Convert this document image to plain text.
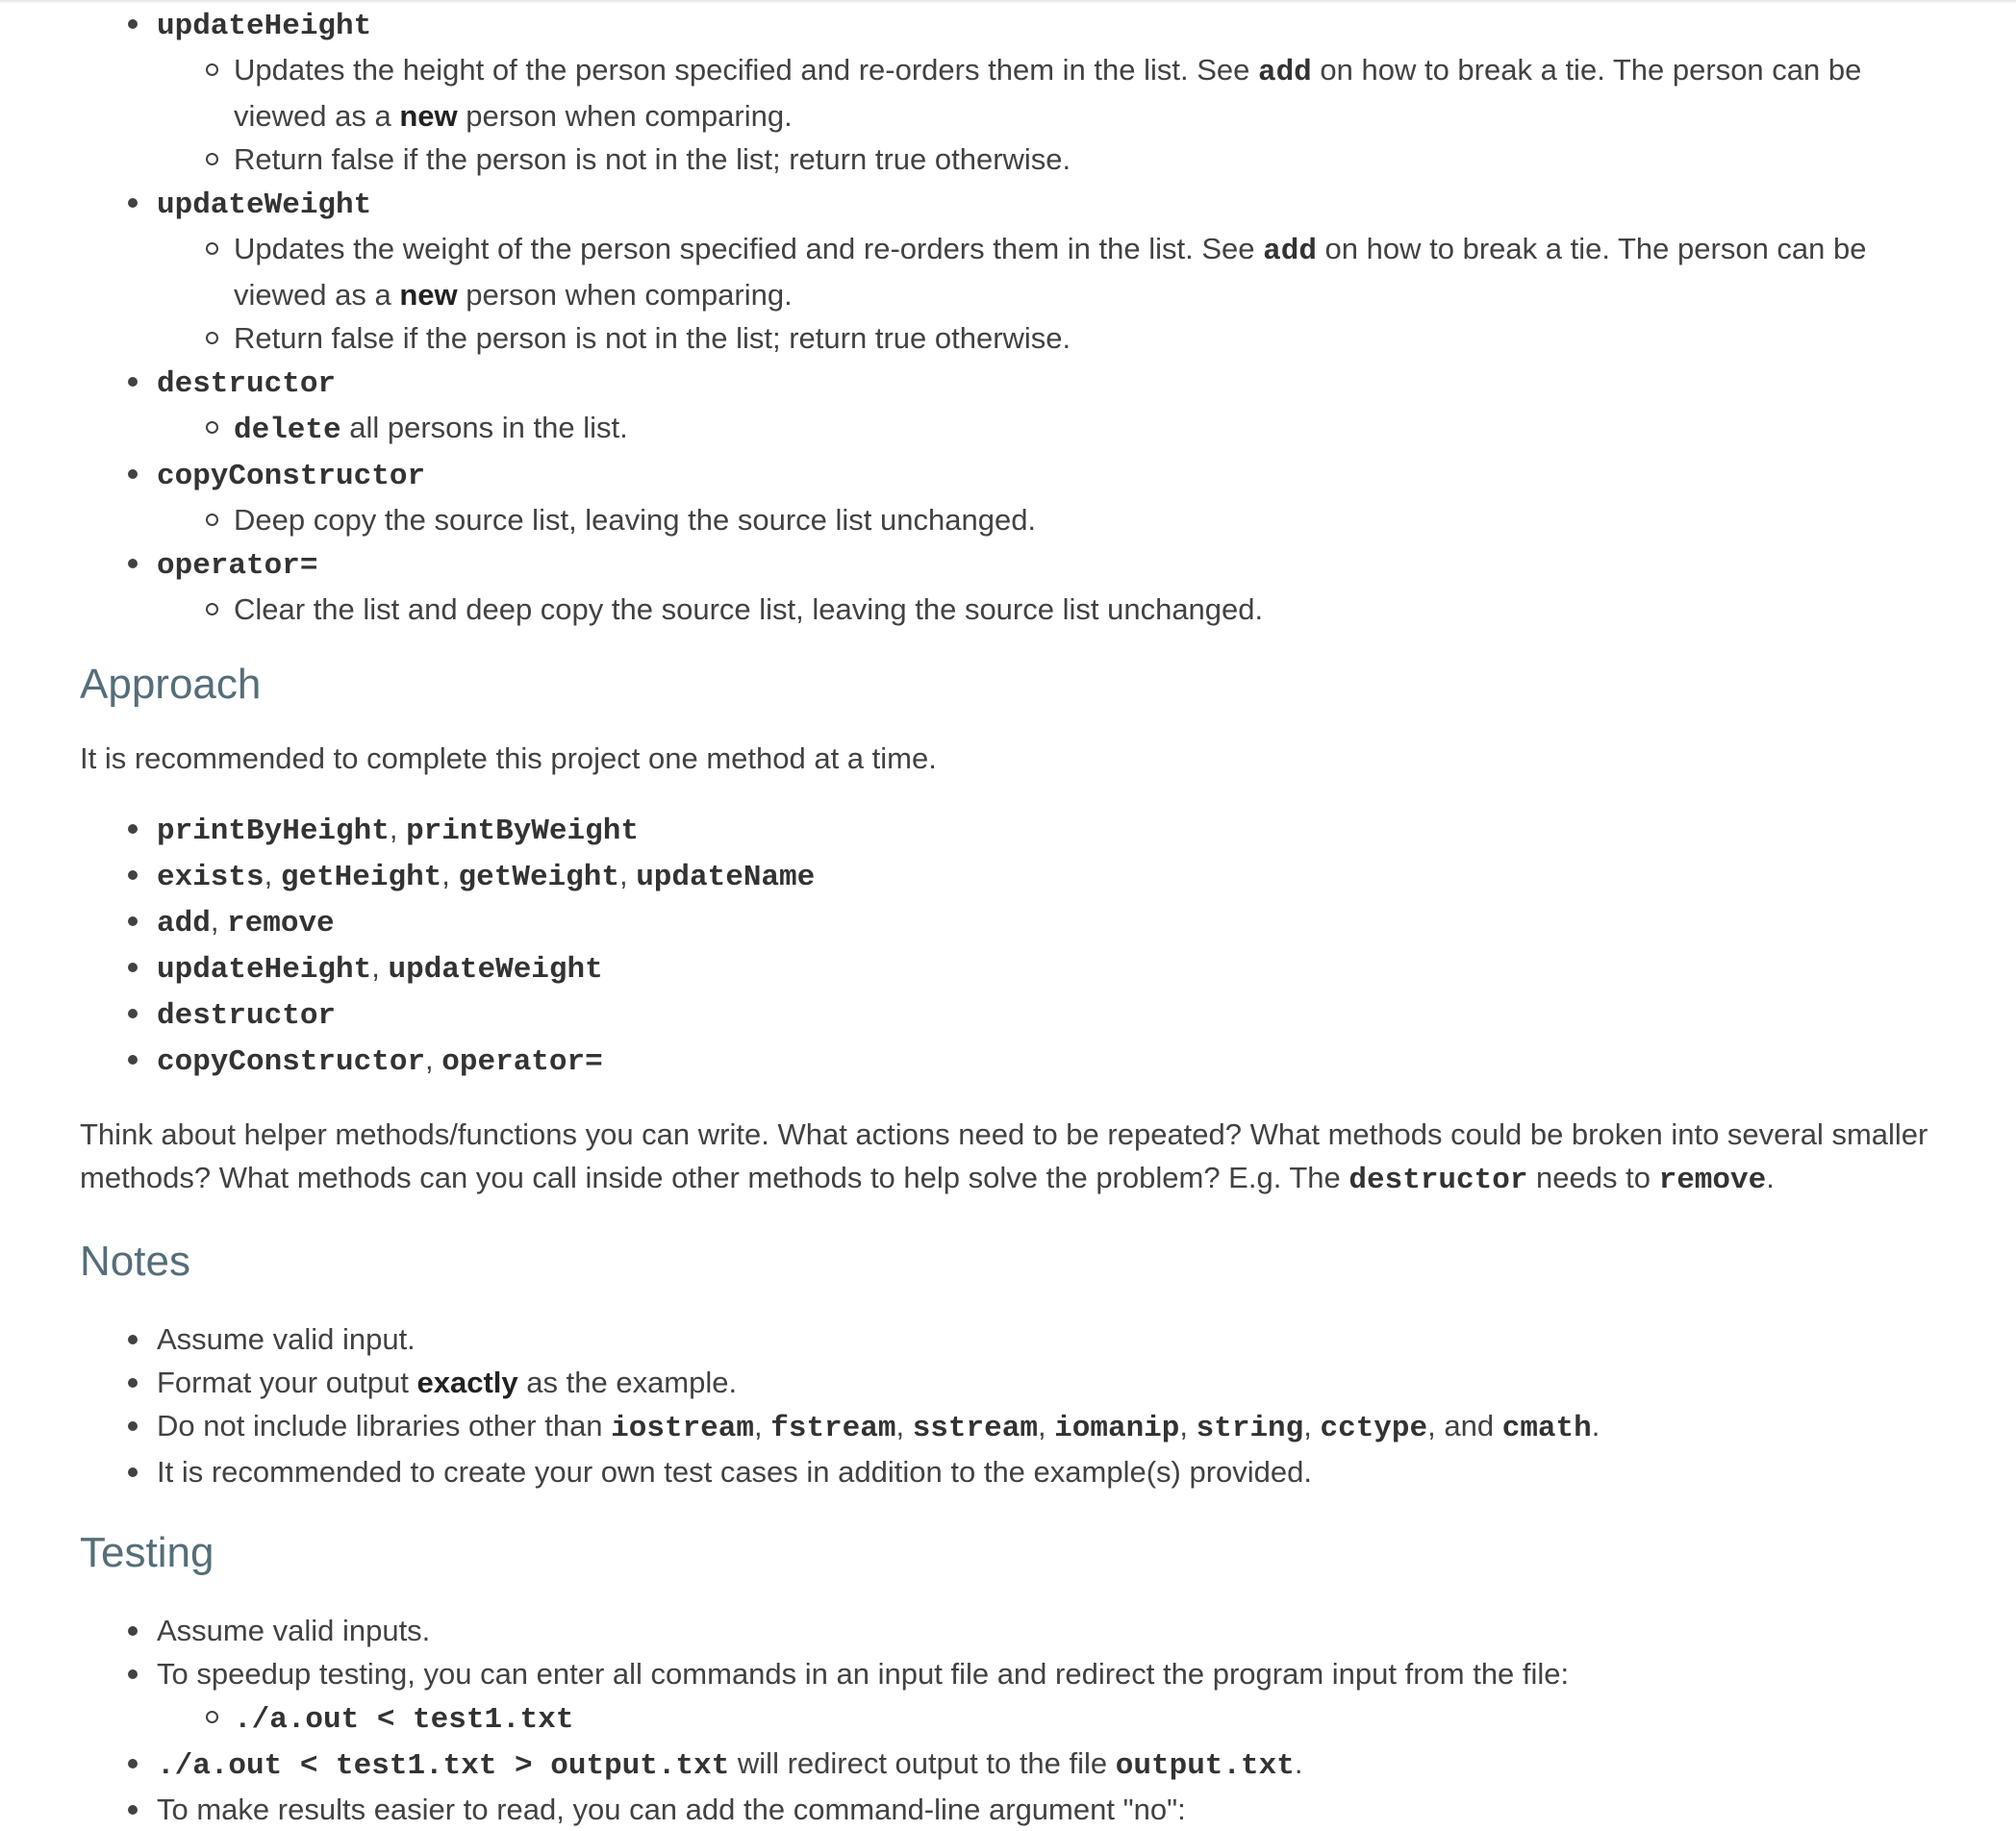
updateHeight
Updates the height of the person specified and re-orders them in the list. See add on how to break a tie. The person can be viewed as a new person when comparing.
Return false if the person is not in the list; return true otherwise.
updateWeight
Updates the weight of the person specified and re-orders them in the list. See add on how to break a tie. The person can be viewed as a new person when comparing.
Return false if the person is not in the list; return true otherwise.
destructor
delete all persons in the list.
copyConstructor
Deep copy the source list, leaving the source list unchanged.
operator=
Clear the list and deep copy the source list, leaving the source list unchanged.
Approach

It is recommended to complete this project one method at a time.

printByHeight, printByWeight
exists, getHeight, getWeight, updateName
add, remove
updateHeight, updateWeight
destructor
copyConstructor, operator=

Think about helper methods/functions you can write. What actions need to be repeated? What methods could be broken into several smaller methods? What methods can you call inside other methods to help solve the problem? E.g. The destructor needs to remove.

Notes
Assume valid input.
Format your output exactly as the example.
Do not include libraries other than iostream, fstream, sstream, iomanip, string, cctype, and cmath.
It is recommended to create your own test cases in addition to the example(s) provided.
Testing
Assume valid inputs.
To speedup testing, you can enter all commands in an input file and redirect the program input from the file:
./a.out < test1.txt
./a.out < test1.txt > output.txt will redirect output to the file output.txt.
To make results easier to read, you can add the command-line argument "no":
